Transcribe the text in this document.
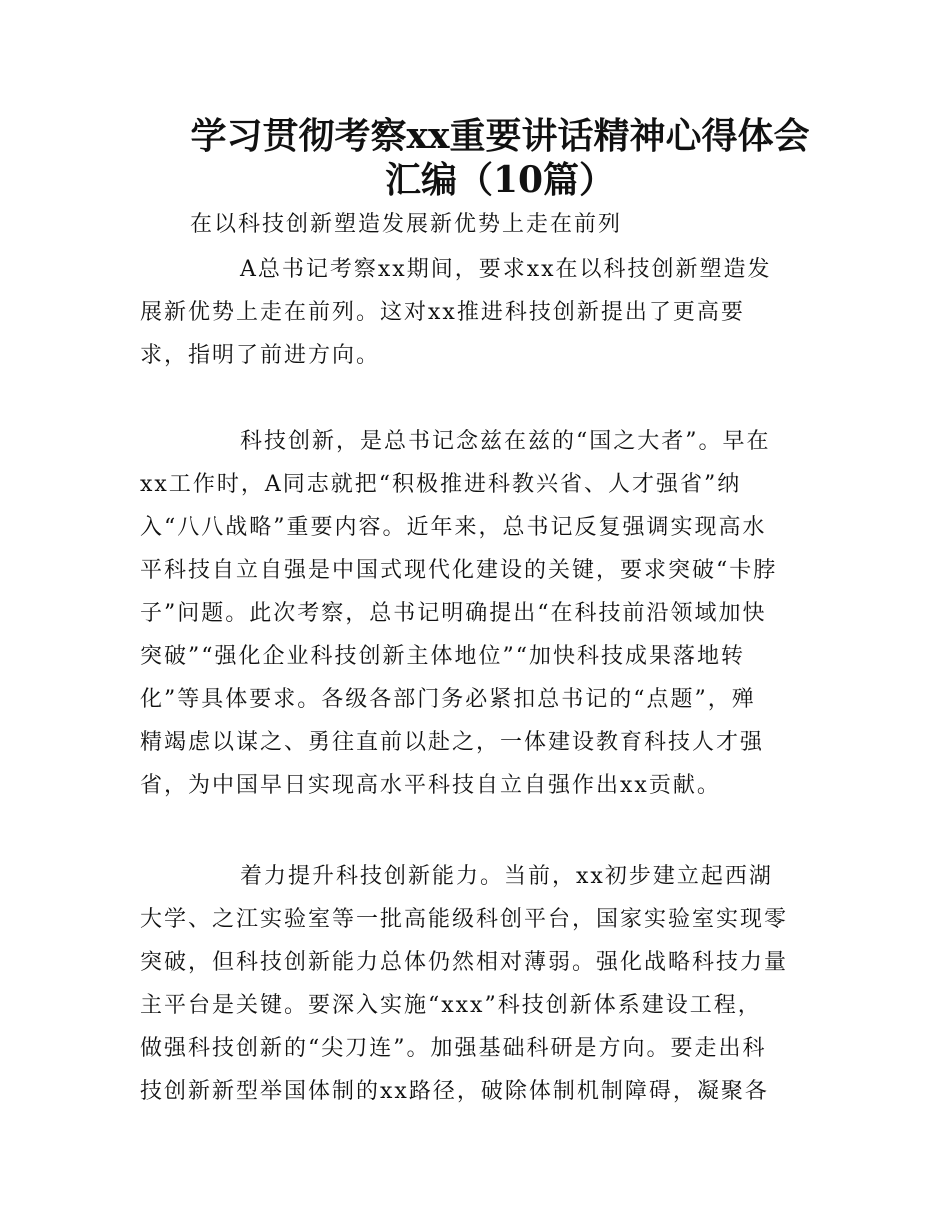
学习贯彻考察xx重要讲话精神心得体会
汇编（10篇）
在以科技创新塑造发展新优势上走在前列
A总书记考察xx期间，要求xx在以科技创新塑造发
展新优势上走在前列。这对xx推进科技创新提出了更高要
求，指明了前进方向。
科技创新，是总书记念兹在兹的“国之大者”。早在
xx工作时，A同志就把“积极推进科教兴省、人才强省”纳
入“八八战略”重要内容。近年来，总书记反复强调实现高水
平科技自立自强是中国式现代化建设的关键，要求突破“卡脖
子”问题。此次考察，总书记明确提出“在科技前沿领域加快
突破”“强化企业科技创新主体地位”“加快科技成果落地转
化”等具体要求。各级各部门务必紧扣总书记的“点题”，殚
精竭虑以谋之、勇往直前以赴之，一体建设教育科技人才强
省，为中国早日实现高水平科技自立自强作出xx贡献。
着力提升科技创新能力。当前，xx初步建立起西湖
大学、之江实验室等一批高能级科创平台，国家实验室实现零
突破，但科技创新能力总体仍然相对薄弱。强化战略科技力量
主平台是关键。要深入实施“xxx”科技创新体系建设工程，
做强科技创新的“尖刀连”。加强基础科研是方向。要走出科
技创新新型举国体制的xx路径，破除体制机制障碍，凝聚各
